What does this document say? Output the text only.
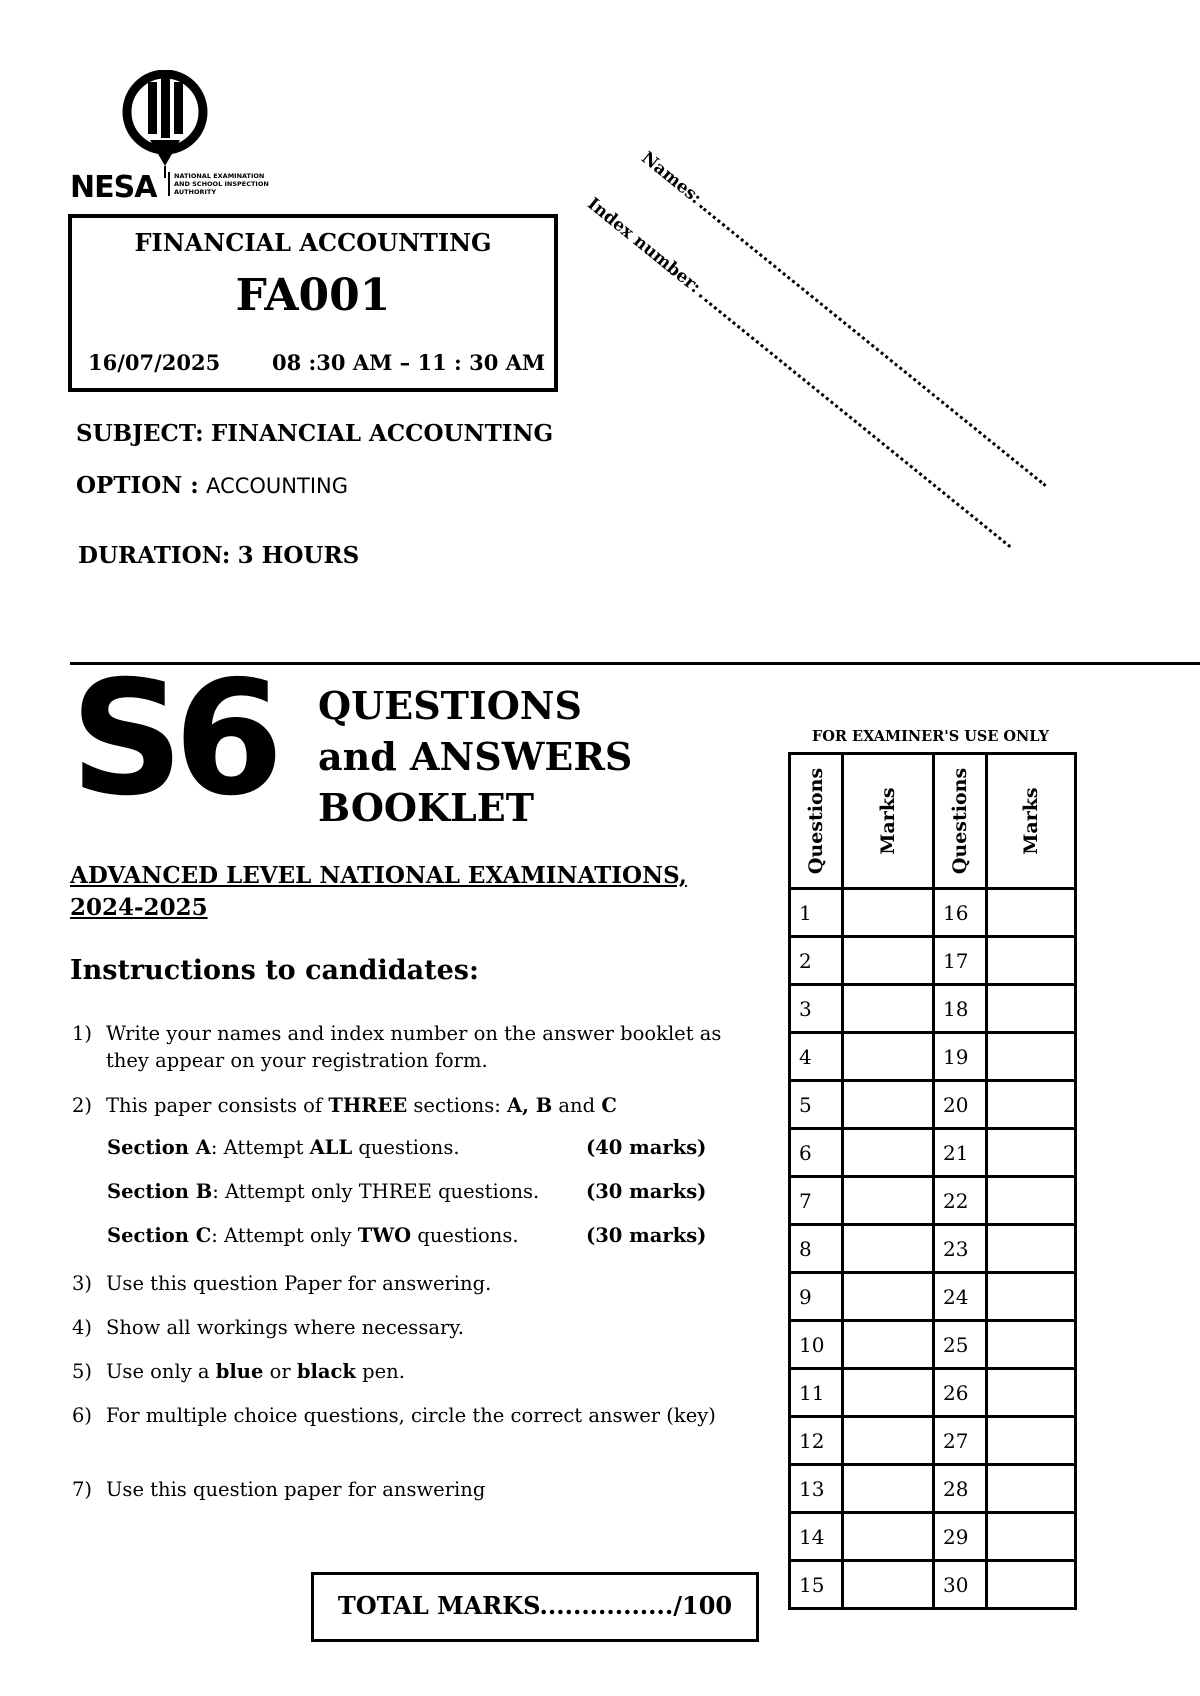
NESA	NATIONAL EXAMINATION
AND SCHOOL INSPECTION
AUTHORITY
FINANCIAL ACCOUNTING
FA001
16/07/2025 08 :30 AM – 11 : 30 AM
SUBJECT: FINANCIAL ACCOUNTING
OPTION : ACCOUNTING
DURATION: 3 HOURS
Names:
Index number:
S6 QUESTIONS
and ANSWERS
BOOKLET
ADVANCED LEVEL NATIONAL EXAMINATIONS,
2024-2025
Instructions to candidates:
1) Write your names and index number on the answer booklet as they appear on your registration form.
2) This paper consists of THREE sections: A, B and C
Section A: Attempt ALL questions.	(40 marks)
Section B: Attempt only THREE questions. (30 marks)
Section C: Attempt only TWO questions.	(30 marks)
3) Use this question Paper for answering.
4) Show all workings where necessary.
5) Use only a blue or black pen.
6) For multiple choice questions, circle the correct answer (key)
7) Use this question paper for answering
TOTAL MARKS................/100
FOR EXAMINER'S USE ONLY
Questions	Marks	Questions	Marks

1		16	
2		17	
3		18	
4		19	
5		20	
6		21	
7		22	
8		23	
9		24	
10		25	
11		26	
12		27	
13		28	
14		29	
15		30	
